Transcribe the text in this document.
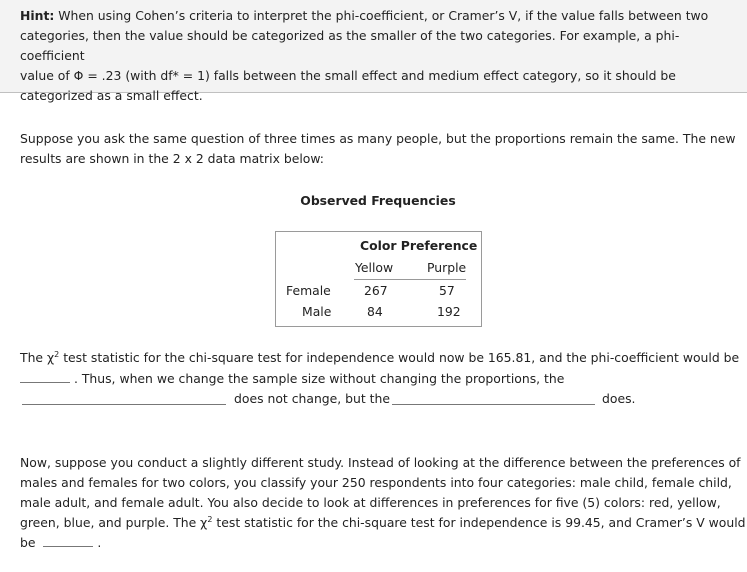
Hint: When using Cohen’s criteria to interpret the phi-coefficient, or Cramer’s V, if the value falls between two
categories, then the value should be categorized as the smaller of the two categories. For example, a phi-coefficient
value of Φ = .23 (with df* = 1) falls between the small effect and medium effect category, so it should be
categorized as a small effect.
Suppose you ask the same question of three times as many people, but the proportions remain the same. The new
results are shown in the 2 x 2 data matrix below:
Observed Frequencies
Color Preference
Yellow	Purple
Female	267	57
Male	84	192
The $\chi^2$ test statistic for the chi-square test for independence would now be 165.81, and the phi-coefficient would be
. Thus, when we change the sample size without changing the proportions, the
does not change, but the	does.
Now, suppose you conduct a slightly different study. Instead of looking at the difference between the preferences of
males and females for two colors, you classify your 250 respondents into four categories: male child, female child,
male adult, and female adult. You also decide to look at differences in preferences for five (5) colors: red, yellow,
green, blue, and purple. The $\chi^2$ test statistic for the chi-square test for independence is 99.45, and Cramer’s V would
be	.
